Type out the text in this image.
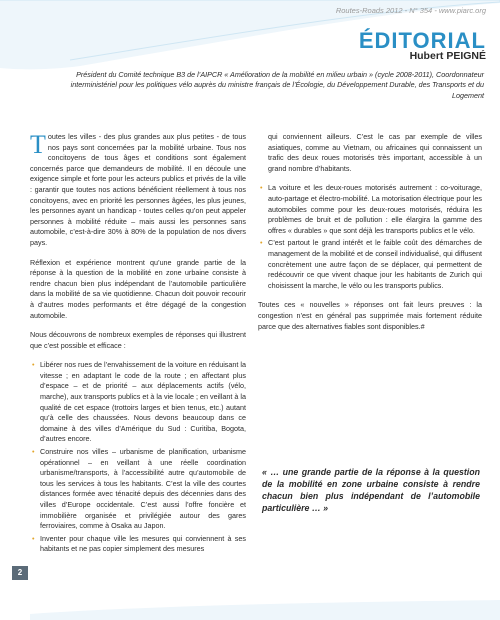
Routes-Roads 2012 - N° 354 - www.piarc.org
ÉDITORIAL
Hubert PEIGNÉ
Président du Comité technique B3 de l’AIPCR « Amélioration de la mobilité en milieu urbain » (cycle 2008-2011), Coordonnateur interministériel pour les politiques vélo auprès du ministre français de l’Écologie, du Développement Durable, des Transports et du Logement

Toutes les villes - des plus grandes aux plus petites - de tous nos pays sont concernées par la mobilité urbaine. Tous nos concitoyens de tous âges et conditions sont également concernés parce que demandeurs de mobilité. Il en découle une exigence simple et forte pour les acteurs publics et privés de la ville : garantir que toutes nos actions bénéficient réellement à tous nos concitoyens, avec en priorité les personnes âgées, les plus jeunes, les personnes ayant un handicap - toutes celles qu’on peut appeler personnes à mobilité réduite – mais aussi les personnes sans automobile, c’est-à-dire 30% à 80% de la population de nos divers pays.

Réflexion et expérience montrent qu’une grande partie de la réponse à la question de la mobilité en zone urbaine consiste à rendre chacun bien plus indépendant de l’automobile particulière dans la mobilité de sa vie quotidienne. Chacun doit pouvoir recourir à d’autres modes performants et être dégagé de la congestion automobile.

Nous découvrons de nombreux exemples de réponses qui illustrent que c’est possible et efficace :

• Libérer nos rues de l’envahissement de la voiture en réduisant la vitesse ; en adaptant le code de la route ; en affectant plus d’espace – et de priorité – aux déplacements actifs (vélo, marche), aux transports publics et à la vie locale ; en veillant à la qualité de cet espace (trottoirs larges et bien tenus, etc.) autant qu’à celle des chaussées. Nous devons beaucoup dans ce domaine à des villes d’Amérique du Sud : Curitiba, Bogota, d’autres encore.
• Construire nos villes – urbanisme de planification, urbanisme opérationnel – en veillant à une réelle coordination urbanisme/transports, à l’accessibilité autre qu’automobile de tous les services à tous les habitants. C’est la ville des courtes distances formée avec ténacité depuis des décennies dans des villes d’Europe occidentale. C’est aussi l’offre foncière et immobilière organisée et privilégiée autour des gares ferroviaires, comme à Osaka au Japon.
• Inventer pour chaque ville les mesures qui conviennent à ses habitants et ne pas copier simplement des mesures

qui conviennent ailleurs. C’est le cas par exemple de villes asiatiques, comme au Vietnam, ou africaines qui connaissent un trafic des deux roues motorisés très important, accessible à un grand nombre d’habitants.

• La voiture et les deux-roues motorisés autrement : co-voiturage, auto-partage et électro-mobilité. La motorisation électrique pour les automobiles comme pour les deux-roues motorisés, réduira les problèmes de bruit et de pollution : elle élargira la gamme des offres « durables » que sont déjà les transports publics et le vélo.
• C’est partout le grand intérêt et le faible coût des démarches de management de la mobilité et de conseil individualisé, qui diffusent concrètement une autre façon de se déplacer, qui permettent de redécouvrir ce que vivent chaque jour les habitants de Zurich qui choisissent la marche, le vélo ou les transports publics.

Toutes ces « nouvelles » réponses ont fait leurs preuves : la congestion n’est en général pas supprimée mais fortement réduite parce que des alternatives fiables sont disponibles.#

« … une grande partie de la réponse à la question de la mobilité en zone urbaine consiste à rendre chacun bien plus indépendant de l’automobile particulière … »
2
